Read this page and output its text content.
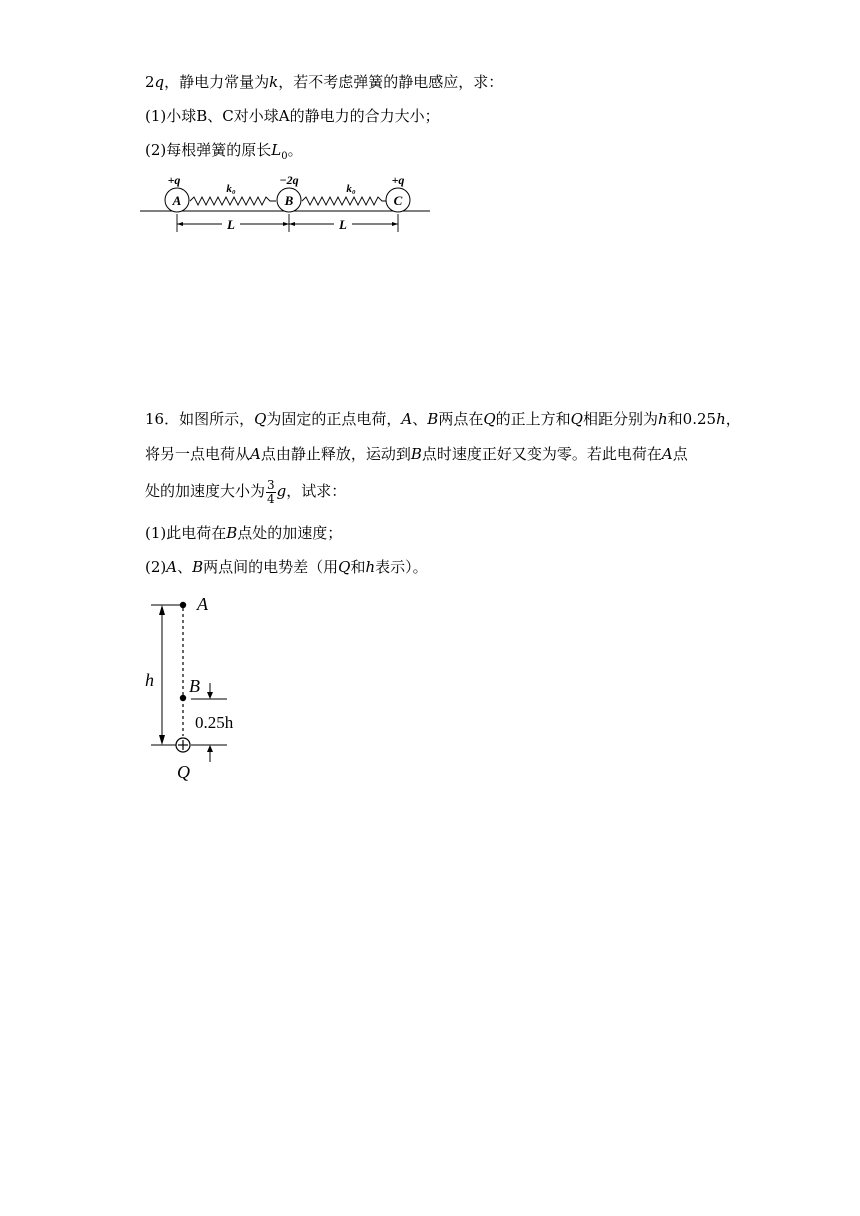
2q，静电力常量为k，若不考虑弹簧的静电感应，求：
(1)小球B、C对小球A的静电力的合力大小；
(2)每根弹簧的原长$L_0$。
A	B	C
+q	−2q	+q
k₀	k₀
L	L
16．如图所示，Q为固定的正点电荷，A、B两点在Q的正上方和Q相距分别为h和0.25h，
将另一点电荷从A点由静止释放，运动到B点时速度正好又变为零。若此电荷在A点
处的加速度大小为 $\frac{3}{4}$ g，试求：
(1)此电荷在B点处的加速度；
(2)A、B两点间的电势差（用Q和h表示）。
h
A
B
0.25h
Q
